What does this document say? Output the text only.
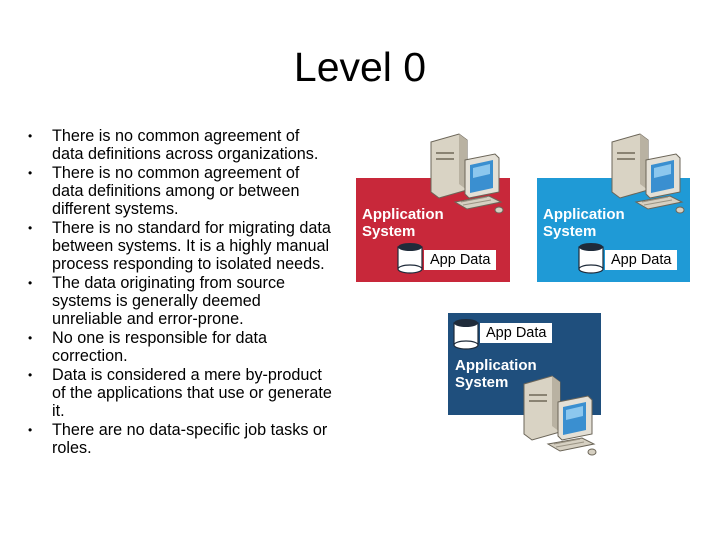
Level 0
• There is no common agreement of data definitions across organizations.
• There is no common agreement of data definitions among or between different systems.
• There is no standard for migrating data between systems. It is a highly manual process responding to isolated needs.
• The data originating from source systems is generally deemed unreliable and error-prone.
• No one is responsible for data correction.
• Data is considered a mere by-product of the applications that use or generate it.
• There are no data-specific job tasks or roles.
Application
System
App Data
Application
System
App Data
App Data
Application
System
